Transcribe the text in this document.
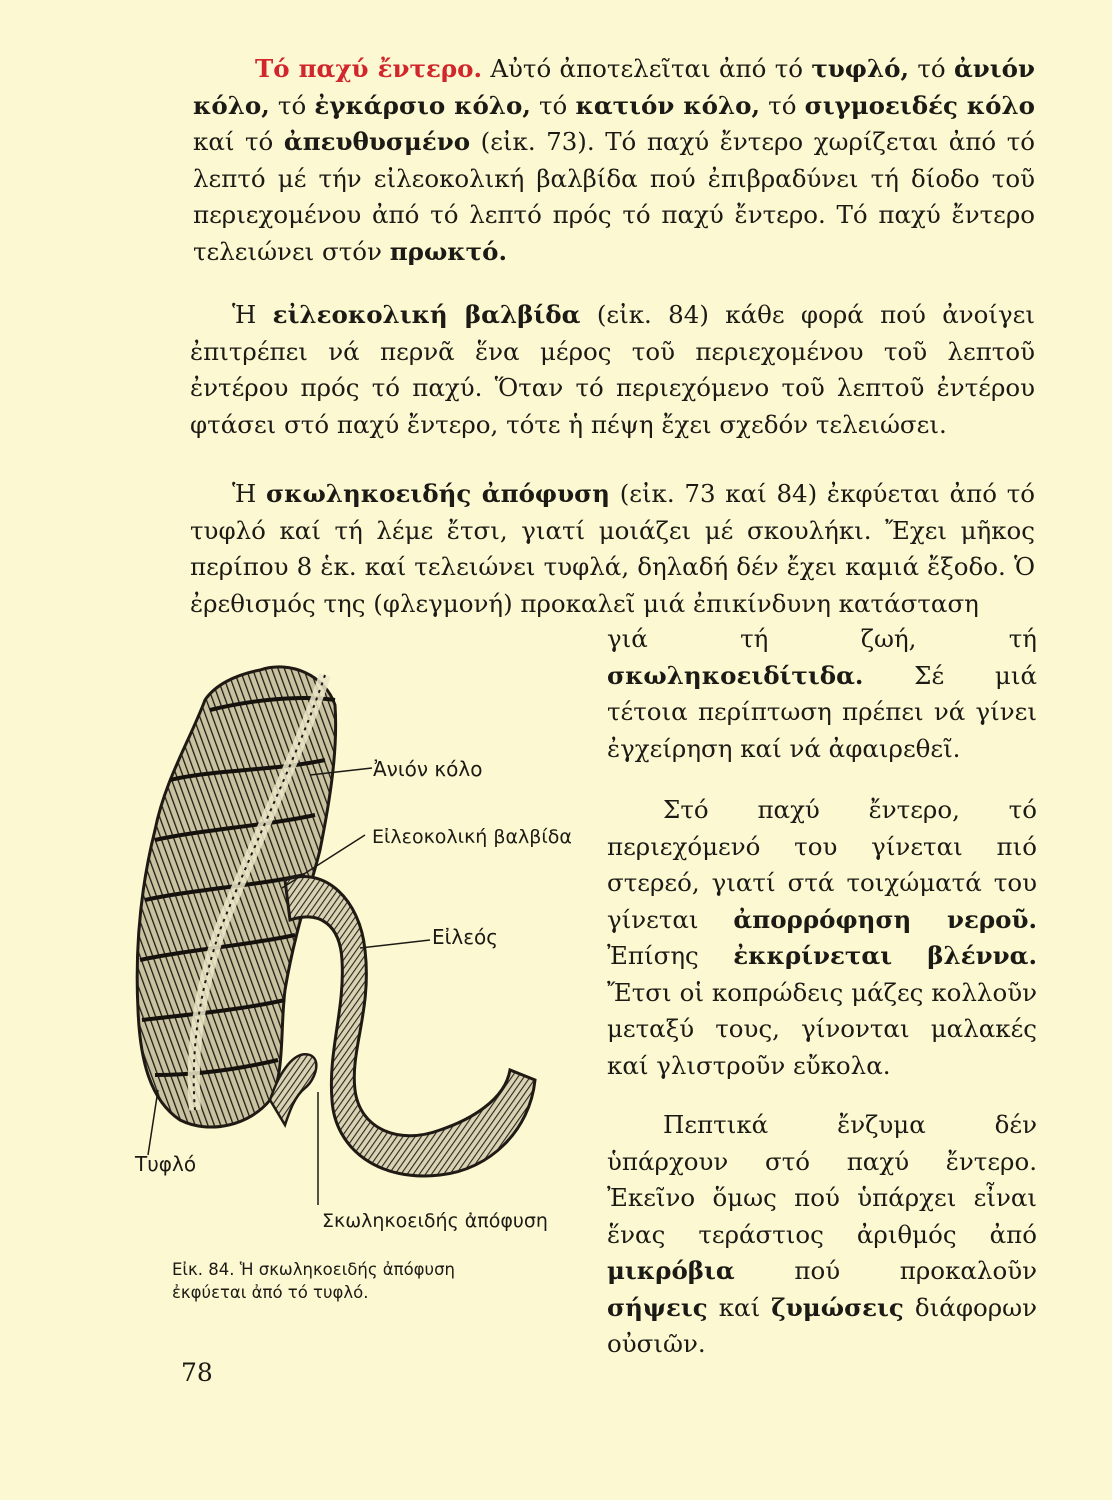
Τό παχύ ἔντερο. Αὐτό ἀποτελεῖται ἀπό τό τυφλό, τό ἀνιόν κόλο, τό ἐγκάρσιο κόλο, τό κατιόν κόλο, τό σιγμοειδές κόλο καί τό ἀπευθυσμένο (εἰκ. 73). Τό παχύ ἔντερο χωρίζεται ἀπό τό λεπτό μέ τήν εἰλεοκολική βαλβίδα πού ἐπιβραδύνει τή δίοδο τοῦ περιεχομένου ἀπό τό λεπτό πρός τό παχύ ἔντερο. Τό παχύ ἔντερο τελειώνει στόν πρωκτό.

Ἡ εἰλεοκολική βαλβίδα (εἰκ. 84) κάθε φορά πού ἀνοίγει ἐπιτρέπει νά περνᾶ ἕνα μέρος τοῦ περιεχομένου τοῦ λεπτοῦ ἐντέρου πρός τό παχύ. Ὅταν τό περιεχόμενο τοῦ λεπτοῦ ἐντέρου φτάσει στό παχύ ἔντερο, τότε ἡ πέψη ἔχει σχεδόν τελειώσει.

Ἡ σκωληκοειδής ἀπόφυση (εἰκ. 73 καί 84) ἐκφύεται ἀπό τό τυφλό καί τή λέμε ἔτσι, γιατί μοιάζει μέ σκουλήκι. Ἔχει μῆκος περίπου 8 ἑκ. καί τελειώνει τυφλά, δηλαδή δέν ἔχει καμιά ἔξοδο. Ὁ ἐρεθισμός της (φλεγμονή) προκαλεῖ μιά ἐπικίνδυνη κατάσταση

γιά τή ζωή, τή σκωληκοειδίτιδα. Σέ μιά τέτοια περίπτωση πρέπει νά γίνει ἐγχείρηση καί νά ἀφαιρεθεῖ.

Στό παχύ ἔντερο, τό περιεχόμενό του γίνεται πιό στερεό, γιατί στά τοιχώματά του γίνεται ἀπορρόφηση νεροῦ. Ἐπίσης ἐκκρίνεται βλέννα. Ἔτσι οἱ κοπρώδεις μάζες κολλοῦν μεταξύ τους, γίνονται μαλακές καί γλιστροῦν εὔκολα.

Πεπτικά ἔνζυμα δέν ὑπάρχουν στό παχύ ἔντερο. Ἐκεῖνο ὅμως πού ὑπάρχει εἶναι ἕνας τεράστιος ἀριθμός ἀπό μικρόβια πού προκαλοῦν σήψεις καί ζυμώσεις διάφορων οὐσιῶν.

Ἀνιόν κόλο
Εἰλεοκολική βαλβίδα
Εἰλεός
Τυφλό
Σκωληκοειδής ἀπόφυση
Εἰκ. 84. Ἡ σκωληκοειδής ἀπόφυση
ἐκφύεται ἀπό τό τυφλό.
78
